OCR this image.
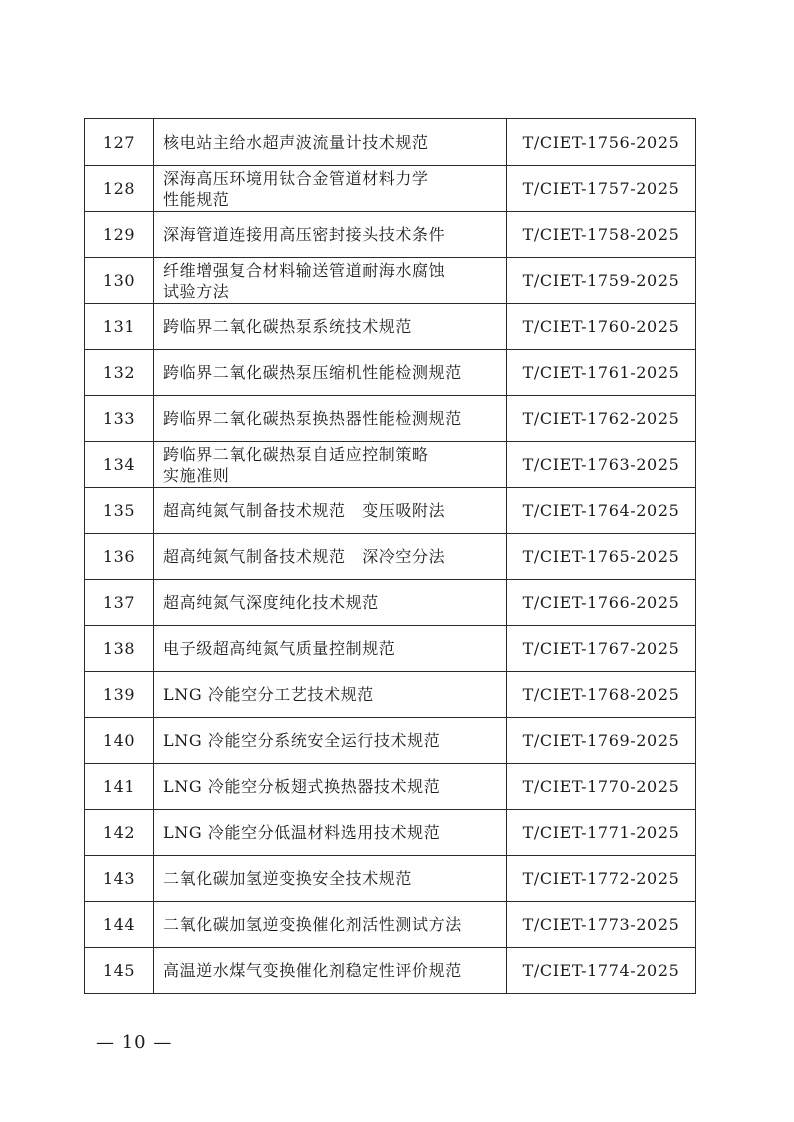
127	核电站主给水超声波流量计技术规范	T/CIET-1756-2025
128	深海高压环境用钛合金管道材料力学
性能规范	T/CIET-1757-2025
129	深海管道连接用高压密封接头技术条件	T/CIET-1758-2025
130	纤维增强复合材料输送管道耐海水腐蚀
试验方法	T/CIET-1759-2025
131	跨临界二氧化碳热泵系统技术规范	T/CIET-1760-2025
132	跨临界二氧化碳热泵压缩机性能检测规范	T/CIET-1761-2025
133	跨临界二氧化碳热泵换热器性能检测规范	T/CIET-1762-2025
134	跨临界二氧化碳热泵自适应控制策略
实施准则	T/CIET-1763-2025
135	超高纯氮气制备技术规范　变压吸附法	T/CIET-1764-2025
136	超高纯氮气制备技术规范　深冷空分法	T/CIET-1765-2025
137	超高纯氮气深度纯化技术规范	T/CIET-1766-2025
138	电子级超高纯氮气质量控制规范	T/CIET-1767-2025
139	LNG 冷能空分工艺技术规范	T/CIET-1768-2025
140	LNG 冷能空分系统安全运行技术规范	T/CIET-1769-2025
141	LNG 冷能空分板翅式换热器技术规范	T/CIET-1770-2025
142	LNG 冷能空分低温材料选用技术规范	T/CIET-1771-2025
143	二氧化碳加氢逆变换安全技术规范	T/CIET-1772-2025
144	二氧化碳加氢逆变换催化剂活性测试方法	T/CIET-1773-2025
145	高温逆水煤气变换催化剂稳定性评价规范	T/CIET-1774-2025
— 10 —
